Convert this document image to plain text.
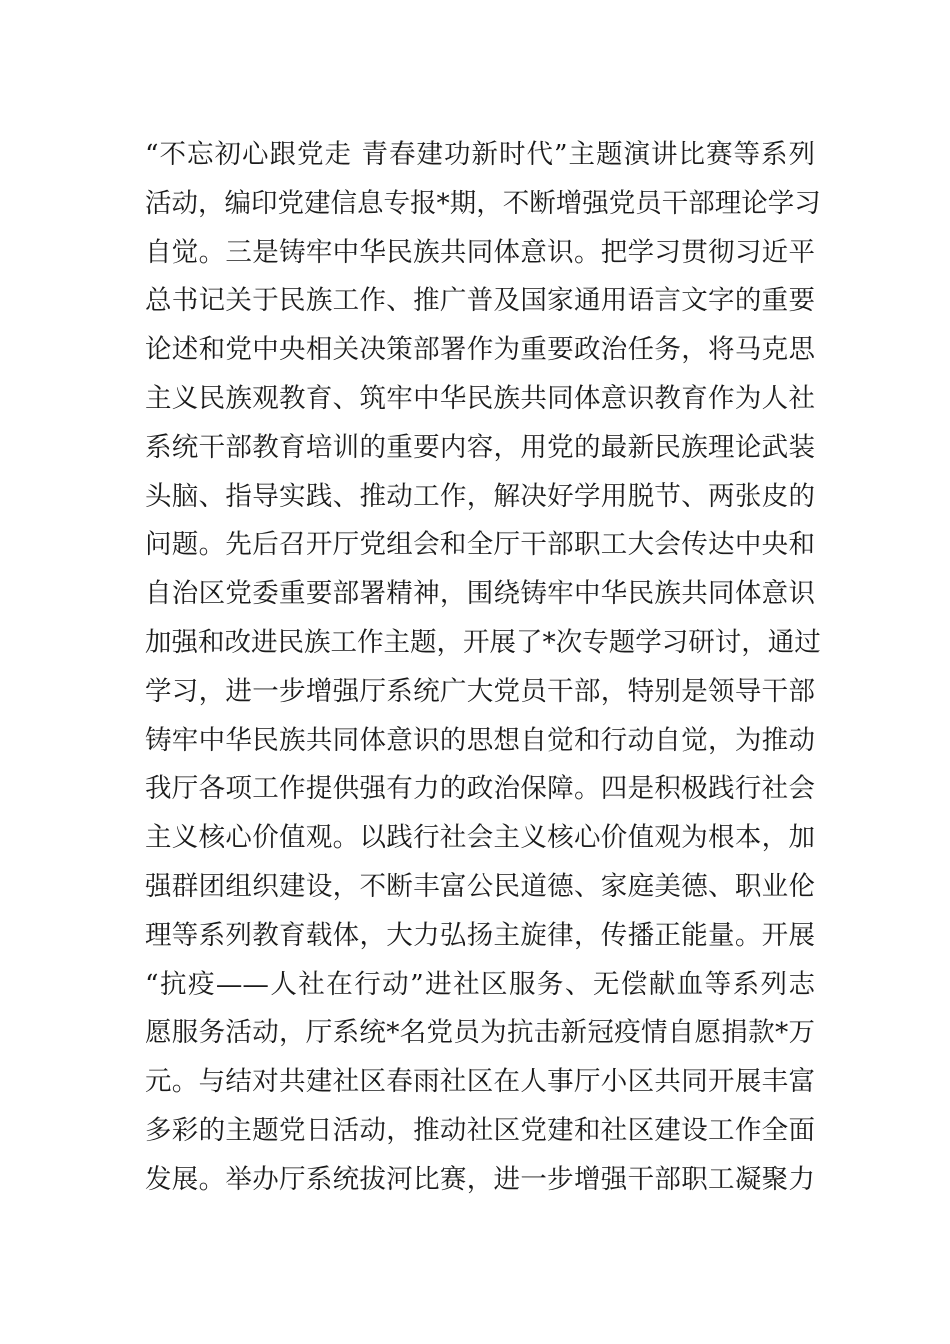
“不忘初心跟党走 青春建功新时代”主题演讲比赛等系列
活动，编印党建信息专报*期，不断增强党员干部理论学习
自觉。三是铸牢中华民族共同体意识。把学习贯彻习近平
总书记关于民族工作、推广普及国家通用语言文字的重要
论述和党中央相关决策部署作为重要政治任务，将马克思
主义民族观教育、筑牢中华民族共同体意识教育作为人社
系统干部教育培训的重要内容，用党的最新民族理论武装
头脑、指导实践、推动工作，解决好学用脱节、两张皮的
问题。先后召开厅党组会和全厅干部职工大会传达中央和
自治区党委重要部署精神，围绕铸牢中华民族共同体意识
加强和改进民族工作主题，开展了*次专题学习研讨，通过
学习，进一步增强厅系统广大党员干部，特别是领导干部
铸牢中华民族共同体意识的思想自觉和行动自觉，为推动
我厅各项工作提供强有力的政治保障。四是积极践行社会
主义核心价值观。以践行社会主义核心价值观为根本，加
强群团组织建设，不断丰富公民道德、家庭美德、职业伦
理等系列教育载体，大力弘扬主旋律，传播正能量。开展
“抗疫——人社在行动”进社区服务、无偿献血等系列志
愿服务活动，厅系统*名党员为抗击新冠疫情自愿捐款*万
元。与结对共建社区春雨社区在人事厅小区共同开展丰富
多彩的主题党日活动，推动社区党建和社区建设工作全面
发展。举办厅系统拔河比赛，进一步增强干部职工凝聚力
